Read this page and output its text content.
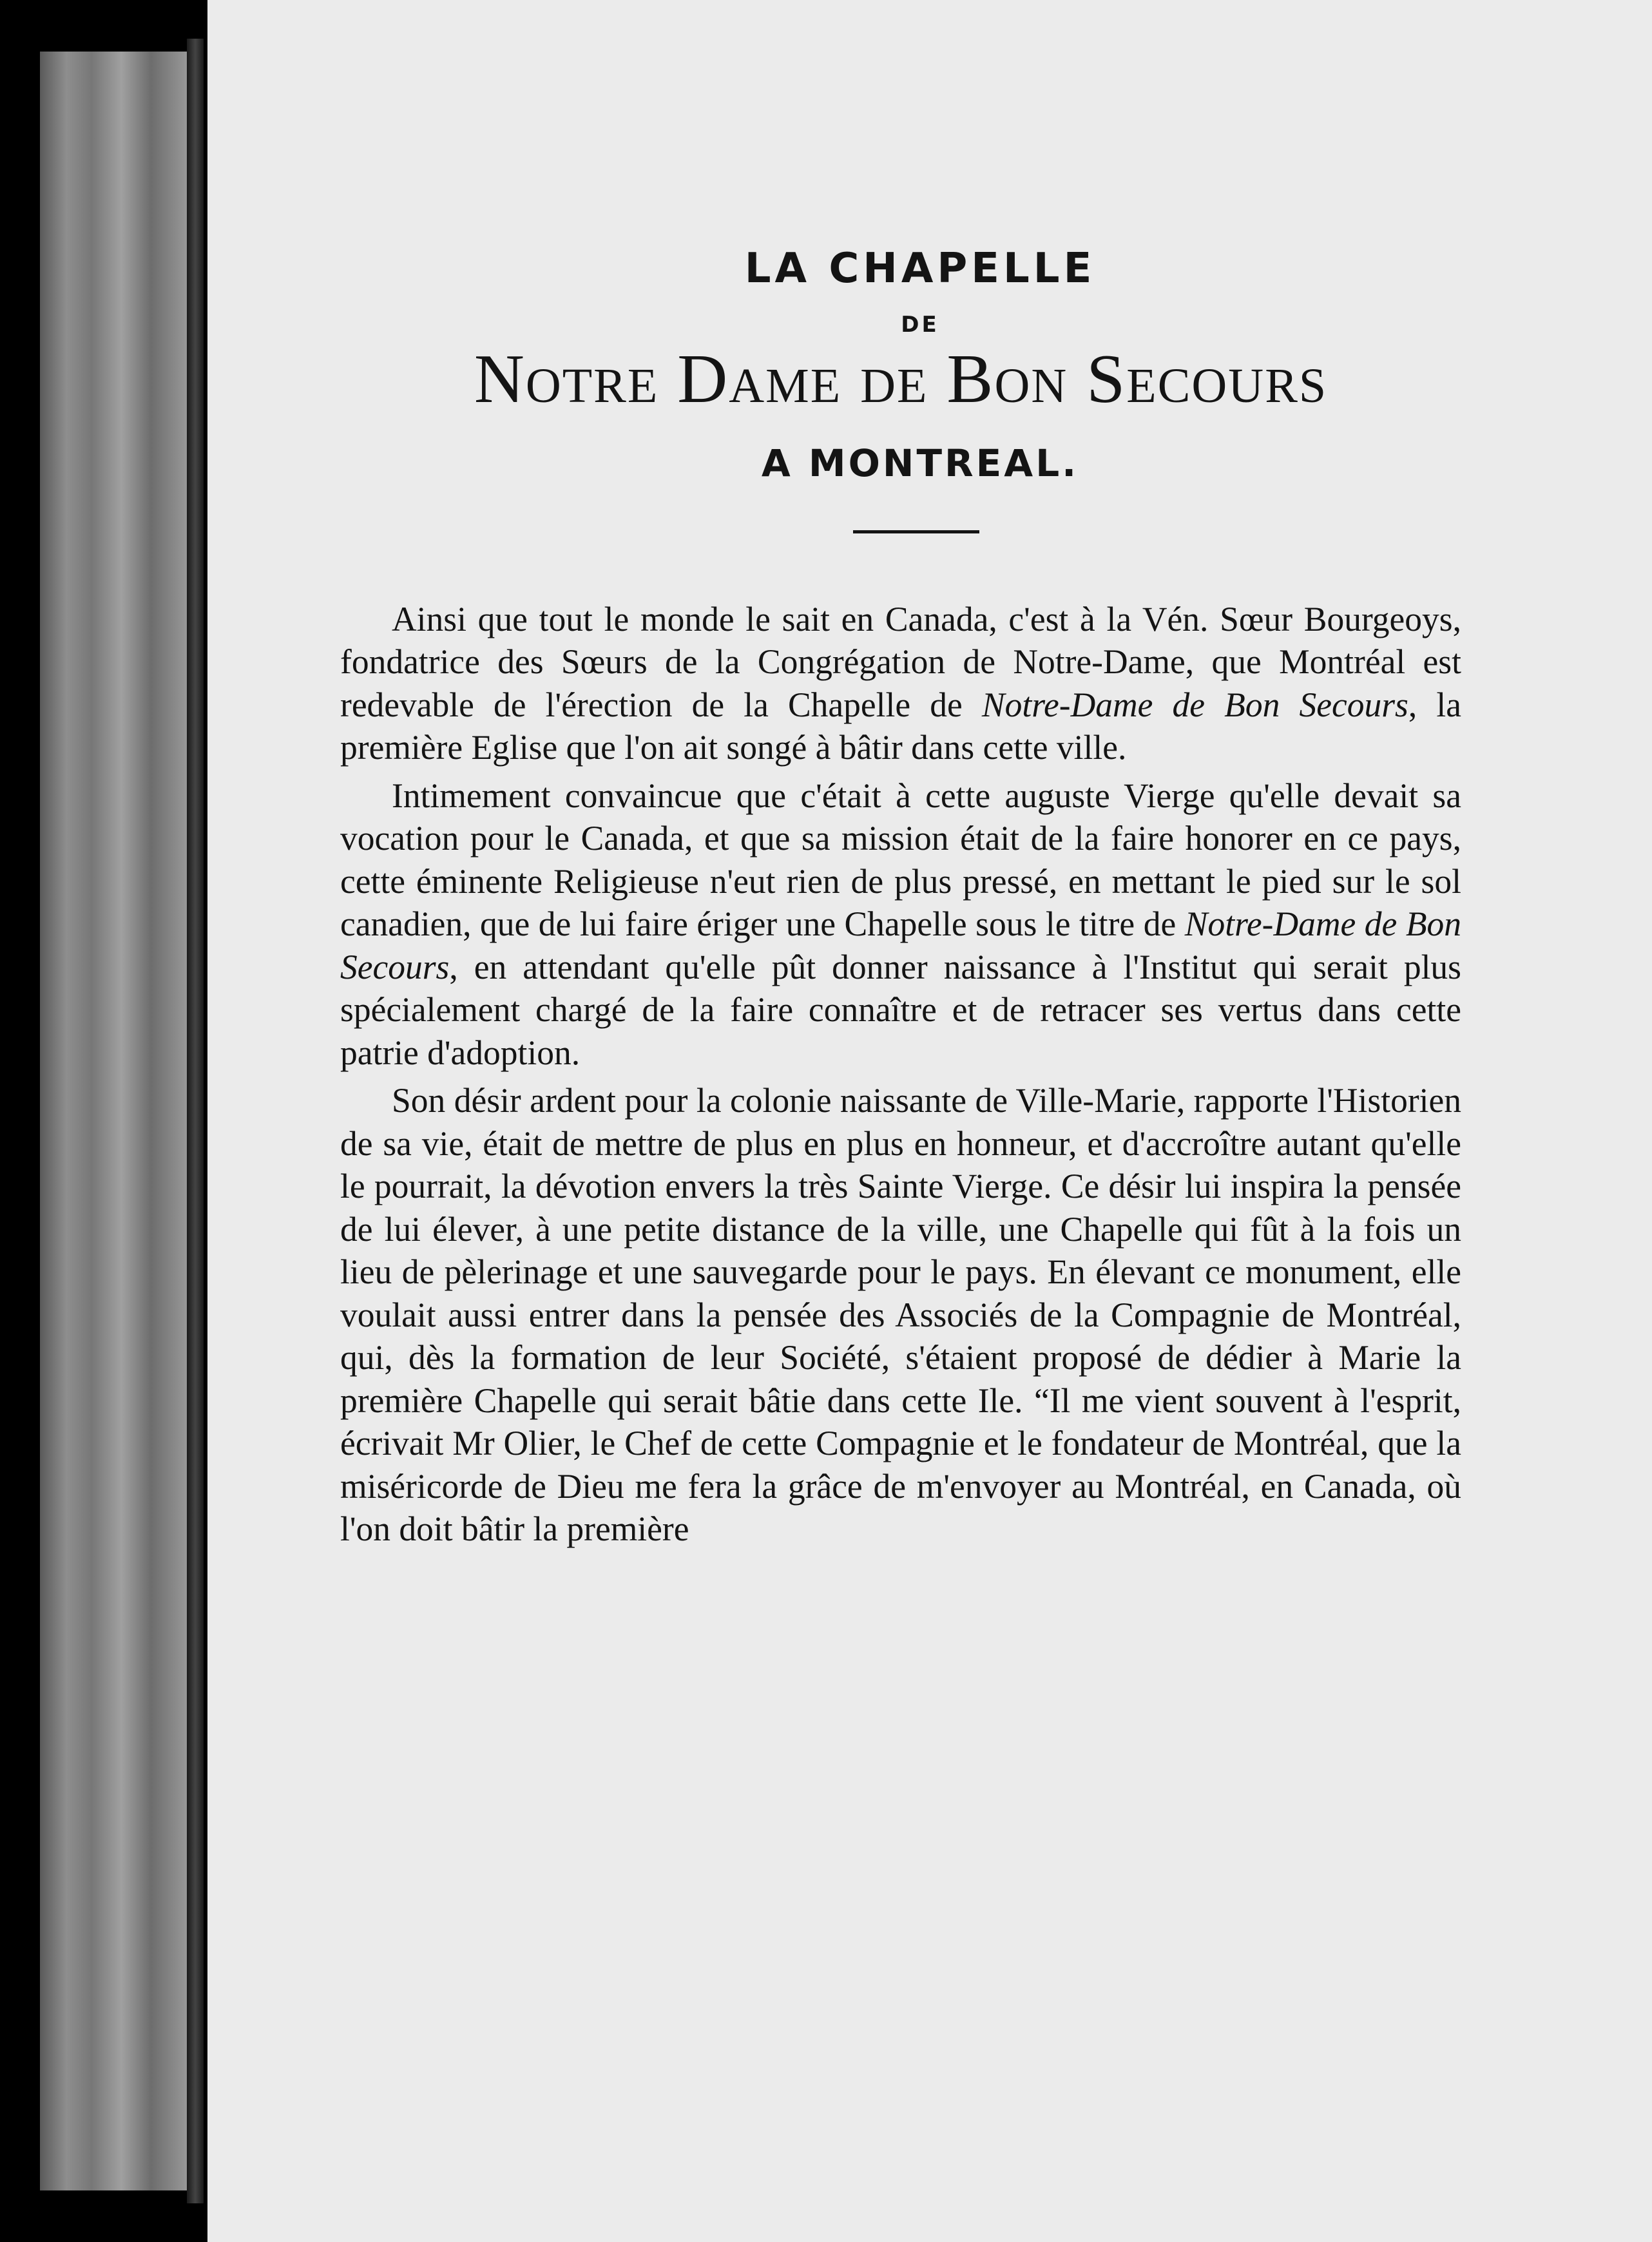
LA CHAPELLE
DE
Notre Dame de Bon Secours
A MONTREAL.

Ainsi que tout le monde le sait en Canada, c'est à la Vén. Sœur Bourgeoys, fondatrice des Sœurs de la Congrégation de Notre-Dame, que Montréal est redevable de l'érection de la Chapelle de Notre-Dame de Bon Secours, la première Eglise que l'on ait songé à bâtir dans cette ville.

Intimement convaincue que c'était à cette auguste Vierge qu'elle devait sa vocation pour le Canada, et que sa mission était de la faire honorer en ce pays, cette éminente Religieuse n'eut rien de plus pressé, en mettant le pied sur le sol canadien, que de lui faire ériger une Chapelle sous le titre de Notre-Dame de Bon Secours, en attendant qu'elle pût donner naissance à l'Institut qui serait plus spécialement chargé de la faire connaître et de retracer ses vertus dans cette patrie d'adoption.

Son désir ardent pour la colonie naissante de Ville-Marie, rapporte l'Historien de sa vie, était de mettre de plus en plus en honneur, et d'accroître autant qu'elle le pourrait, la dévotion envers la très Sainte Vierge. Ce désir lui inspira la pensée de lui élever, à une petite distance de la ville, une Chapelle qui fût à la fois un lieu de pèlerinage et une sauvegarde pour le pays. En élevant ce monument, elle voulait aussi entrer dans la pensée des Associés de la Compagnie de Montréal, qui, dès la formation de leur Société, s'étaient proposé de dédier à Marie la première Chapelle qui serait bâtie dans cette Ile. “Il me vient souvent à l'esprit, écrivait Mr Olier, le Chef de cette Compagnie et le fondateur de Montréal, que la miséricorde de Dieu me fera la grâce de m'envoyer au Montréal, en Canada, où l'on doit bâtir la première
